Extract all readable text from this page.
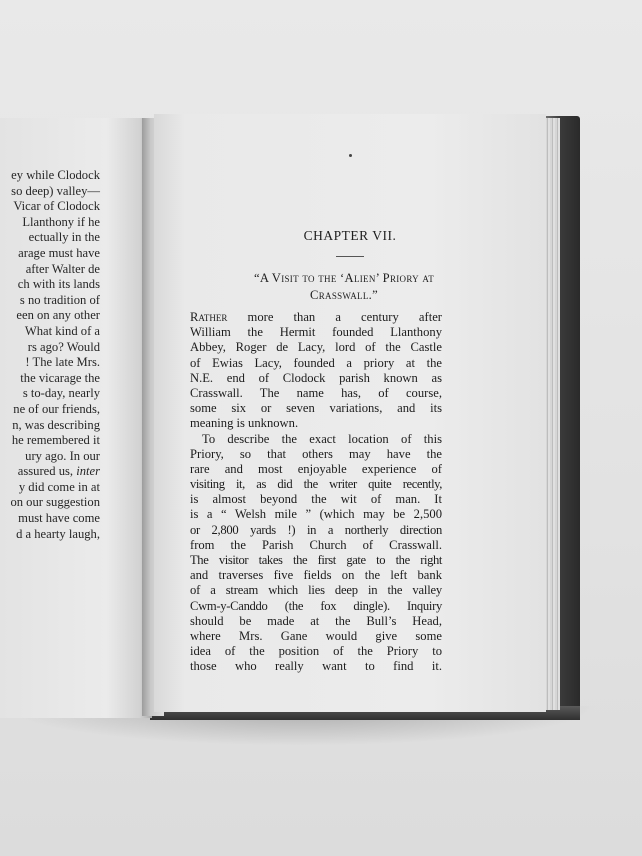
ey while Clodock
so deep) valley—
Vicar of Clodock
Llanthony if he
ectually in the
arage must have
after Walter de
ch with its lands
s no tradition of
een on any other
What kind of a
rs ago? Would
! The late Mrs.
the vicarage the
s to-day, nearly
ne of our friends,
n, was describing
he remembered it
ury ago. In our
assured us, inter
y did come in at
on our suggestion
must have come
d a hearty laugh,
CHAPTER VII.
“A Visit to the ‘Alien’ Priory at
Crasswall.”
Rather more than a century after
William the Hermit founded Llanthony
Abbey, Roger de Lacy, lord of the Castle
of Ewias Lacy, founded a priory at the
N.E. end of Clodock parish known as
Crasswall. The name has, of course,
some six or seven variations, and its
meaning is unknown.
To describe the exact location of this
Priory, so that others may have the
rare and most enjoyable experience of
visiting it, as did the writer quite recently,
is almost beyond the wit of man. It
is a “ Welsh mile ” (which may be 2,500
or 2,800 yards !) in a northerly direction
from the Parish Church of Crasswall.
The visitor takes the first gate to the right
and traverses five fields on the left bank
of a stream which lies deep in the valley
Cwm-y-Canddo (the fox dingle). Inquiry
should be made at the Bull’s Head,
where Mrs. Gane would give some
idea of the position of the Priory to
those who really want to find it.
